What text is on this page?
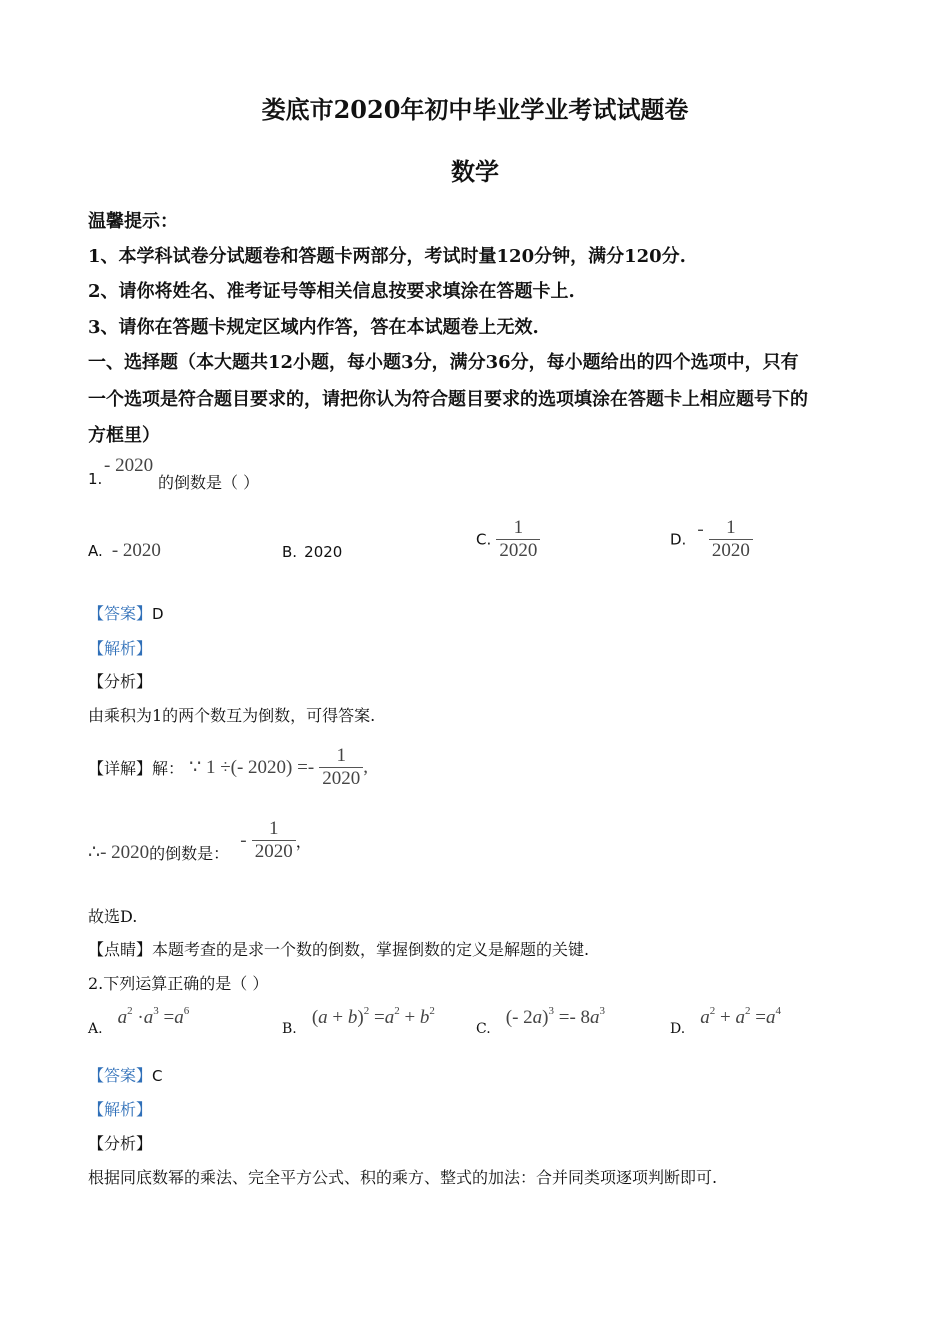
娄底市2020年初中毕业学业考试试题卷
数学
温馨提示：
1、本学科试卷分试题卷和答题卡两部分，考试时量120分钟，满分120分.
2、请你将姓名、准考证号等相关信息按要求填涂在答题卡上.
3、请你在答题卡规定区域内作答，答在本试题卷上无效.
一、选择题（本大题共12小题，每小题3分，满分36分，每小题给出的四个选项中，只有
一个选项是符合题目要求的，请把你认为符合题目要求的选项填涂在答题卡上相应题号下的
方框里）
1.
- 2020
的倒数是（ ）
A. - 2020	B. 2020
C. $\frac{1}{2020}$	D. - $\frac{1}{2020}$
【答案】D
【解析】
【分析】
由乘积为1的两个数互为倒数，可得答案.
【详解】解： ∵ 1 ÷(- $2020) =- \frac{1}{2020}$ ,
∴- 2020的倒数是： - $\frac{1}{2020}$ ，
故选D.
【点睛】本题考查的是求一个数的倒数，掌握倒数的定义是解题的关键.
2.下列运算正确的是（ ）
A. $a^2 \cdot a^3 =a^6$
B. $(a + b)^2 =a^2 + b^2$
C. (- $2a)^3 =- 8a^3$
D. $a^2 + a^2 =a^4$
【答案】C
【解析】
【分析】
根据同底数幂的乘法、完全平方公式、积的乘方、整式的加法：合并同类项逐项判断即可.
